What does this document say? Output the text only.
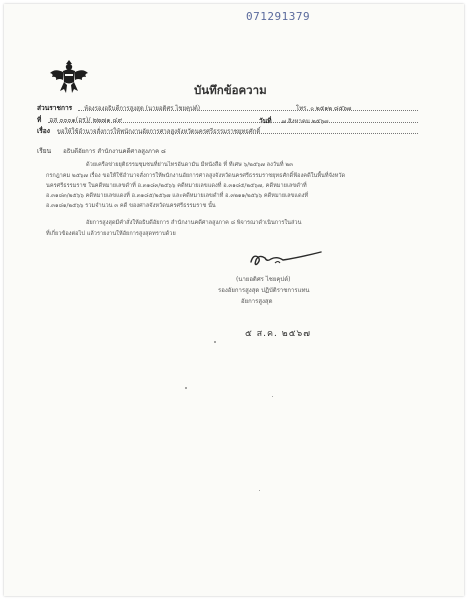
071291379
บันทึกข้อความ
ส่วนราชการ ห้องรองอธิบดีการสูงสุด (นายอดิศร ไชยคุปต์)	โทร. ๐ ๒๕๑๒ ๘๕๖๗
ที่ อส ๐๐๐๑(อร)/ ๒๒๗๑ ๔๙	วันที่ ๗ สิงหาคม ๒๕๖๗
เรื่อง ขอให้ใช้อำนาจสั่งการให้พนักงานอัยการศาลสูงจังหวัดนครศรีธรรมราชยุทธศักดิ์
เรียน อธิบดีอัยการ สำนักงานคดีศาลสูงภาค ๘
ด้วยเครือข่ายยุติธรรมชุมชนที่ย่านไทรอันดามัน มีหนังสือ ที่ ทีเศษ ๖/๒๕๖๗ ลงวันที่ ๒๓
กรกฎาคม ๒๕๖๗ เรื่อง ขอให้ใช้อำนาจสั่งการให้พนักงานอัยการศาลสูงจังหวัดนครศรีธรรมราชยุทธศักดิ์ฟ้องคดีในพื้นที่จังหวัด
นครศรีธรรมราช ในคดีหมายเลขดำที่ อ.๓๑๘๓/๒๕๖๖ คดีหมายเลขแดงที่ อ.๓๑๘๕/๒๕๖๗, คดีหมายเลขดำที่
อ.๓๑๘๓/๒๕๖๖ คดีหมายเลขแดงที่ อ.๓๑๘๕/๒๕๖๗ และคดีหมายเลขดำที่ อ.๓๒๑๑/๒๕๖๖ คดีหมายเลขแดงที่
อ.๓๑๘๑/๒๕๖๖ รวมจำนวน ๓ คดี ของศาลจังหวัดนครศรีธรรมราช นั้น
อัยการสูงสุดมีคำสั่งให้อธิบดีอัยการ สำนักงานคดีศาลสูงภาค ๘ พิจารณาดำเนินการในส่วน
ที่เกี่ยวข้องต่อไป แล้วรายงานให้อัยการสูงสุดทราบด้วย
(นายอดิศร ไชยคุปต์)
รองอัยการสูงสุด ปฏิบัติราชการแทน
อัยการสูงสุด
๕ ส.ค. ๒๕๖๗
